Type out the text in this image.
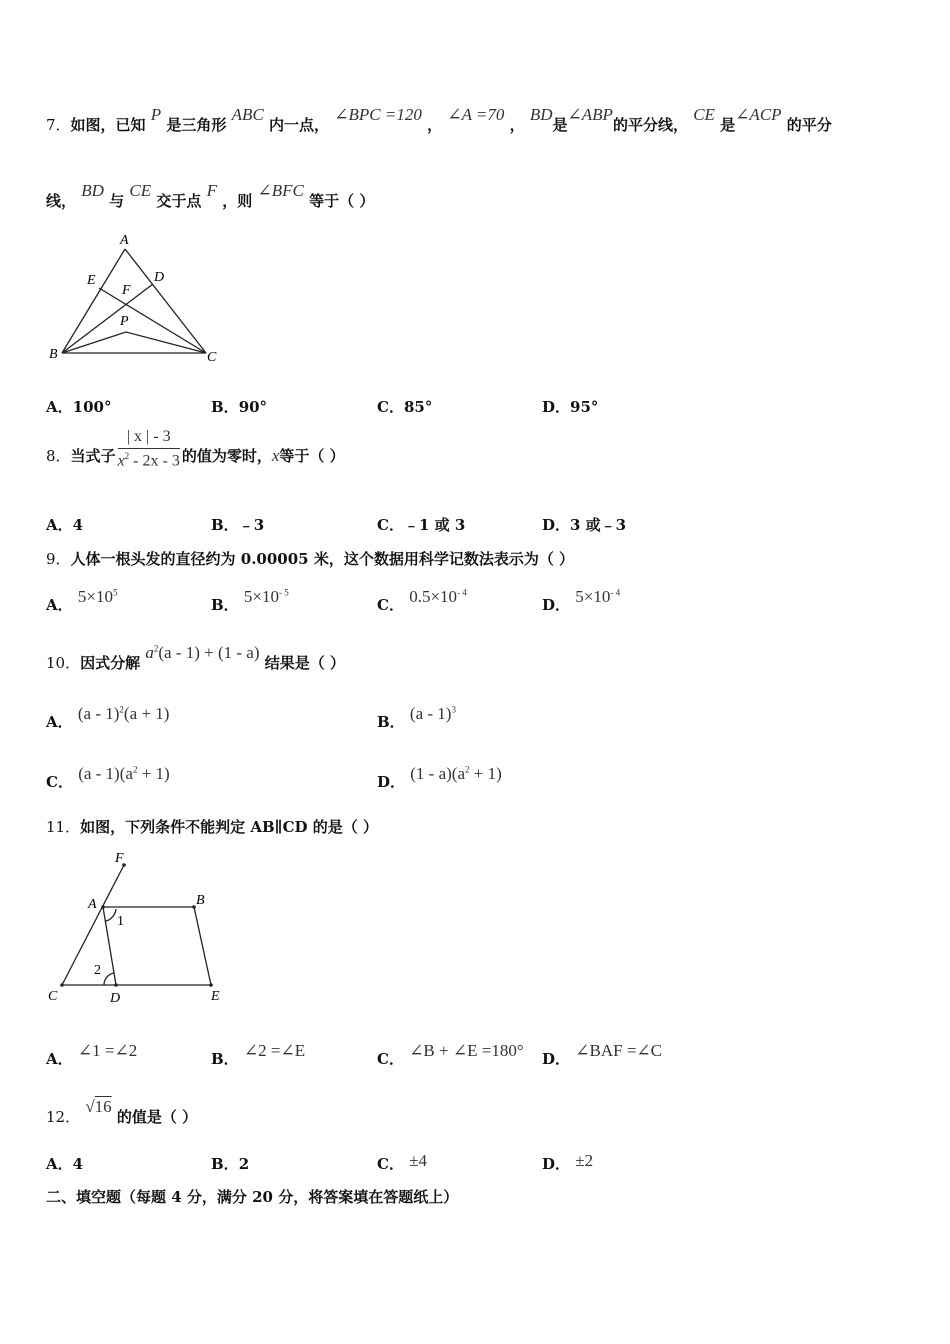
7．如图，已知 P 是三角形 ABC 内一点， ∠BPC =120 ， ∠A =70 ， BD是∠ABP的平分线， CE 是∠ACP 的平分
线， BD 与 CE 交于点 F ，则 ∠BFC 等于（ ）
A
B	C
D
E
F
P
A．100°	B．90°	C．85°	D．95°
8．当式子 $\frac{| x | - 3}{x^2 - 2x - 3}$ 的值为零时，x等于（ ）
A．4	B．﹣3	C．﹣1 或 3	D．3 或﹣3
9．人体一根头发的直径约为 0.00005 米，这个数据用科学记数法表示为（ ）
A． $5\times 10^5$
B． $5\times 10^{- 5}$
C． $0.5\times 10^{- 4}$
D． $5\times 10^{- 4}$
10．因式分解 $a^2(a - 1) + (1 - a)$ 结果是（ ）
A． (a - 1)$^2$(a + 1)	B． (a - 1)$^3$
C． $(a - 1)(a^2 + 1)$	D． $(1 - a)(a^2 + 1)$
11．如图，下列条件不能判定 AB∥CD 的是（ ）
F
A	B
C	D	E
1
2
A． ∠1 =∠2	B． ∠2 =∠E	C． ∠B + ∠E =180° D． ∠BAF =∠C
12． √16 的值是（ ）
A．4	B．2	C． ±4	D． ±2
二、填空题（每题 4 分，满分 20 分，将答案填在答题纸上）
